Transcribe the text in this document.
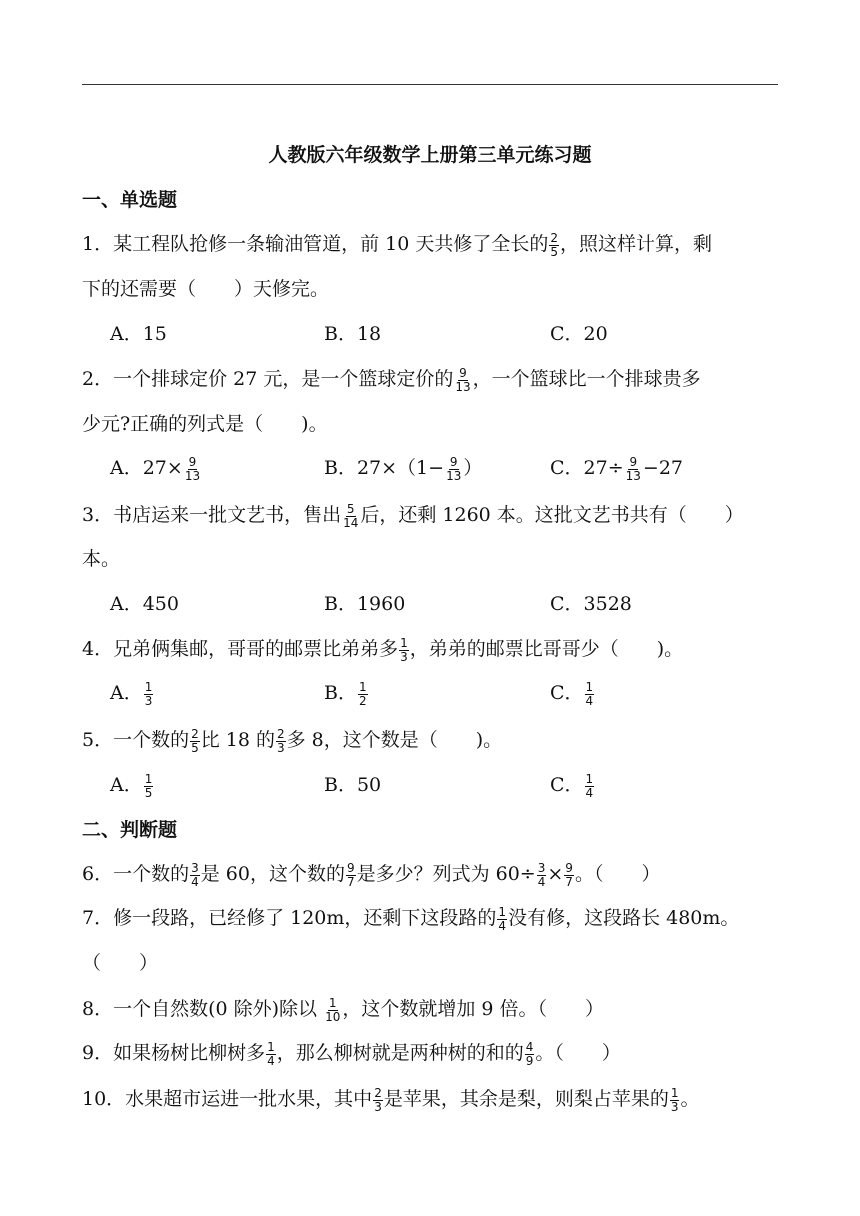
人教版六年级数学上册第三单元练习题
一、单选题
1．某工程队抢修一条输油管道，前 10 天共修了全长的 $\frac{2}{5}$ ，照这样计算，剩
下的还需要（　　）天修完。
A．15	B．18	C．20
2．一个排球定价 27 元，是一个篮球定价的 $\frac{9}{13}$ ，一个篮球比一个排球贵多
少元?正确的列式是（　　)。
A．$27\times \frac{9}{13}$	B．$27\times(1- \frac{9}{13}$ ）	C．$27\div \frac{9}{13} -27$
3．书店运来一批文艺书，售出 $\frac{5}{14}$ 后，还剩 1260 本。这批文艺书共有（　　）
本。
A．450	B．1960	C．3528
4．兄弟俩集邮，哥哥的邮票比弟弟多 $\frac{1}{3}$ ，弟弟的邮票比哥哥少（　　)。
A． $\frac{1}{3}$	B． $\frac{1}{2}$	C． $\frac{1}{4}$
5．一个数的 $\frac{2}{5}$ 比 18 的 $\frac{2}{3}$ 多 8，这个数是（　　)。
A． $\frac{1}{5}$	B．50	C． $\frac{1}{4}$
二、判断题
6．一个数的 $\frac{3}{4}$ 是 60，这个数的 $\frac{9}{7}$ 是多少？列式为 $60\div \frac{3}{4} \times \frac{9}{7}$ 。（　　）
7．修一段路，已经修了 120m，还剩下这段路的 $\frac{1}{4}$ 没有修，这段路长 480m。
（　　）
8．一个自然数(0 除外)除以 $\frac{1}{10}$ ，这个数就增加 9 倍。（　　）
9．如果杨树比柳树多 $\frac{1}{4}$ ，那么柳树就是两种树的和的 $\frac{4}{9}$ 。（　　）
10．水果超市运进一批水果，其中 $\frac{2}{3}$ 是苹果，其余是梨，则梨占苹果的 $\frac{1}{3}$ 。
